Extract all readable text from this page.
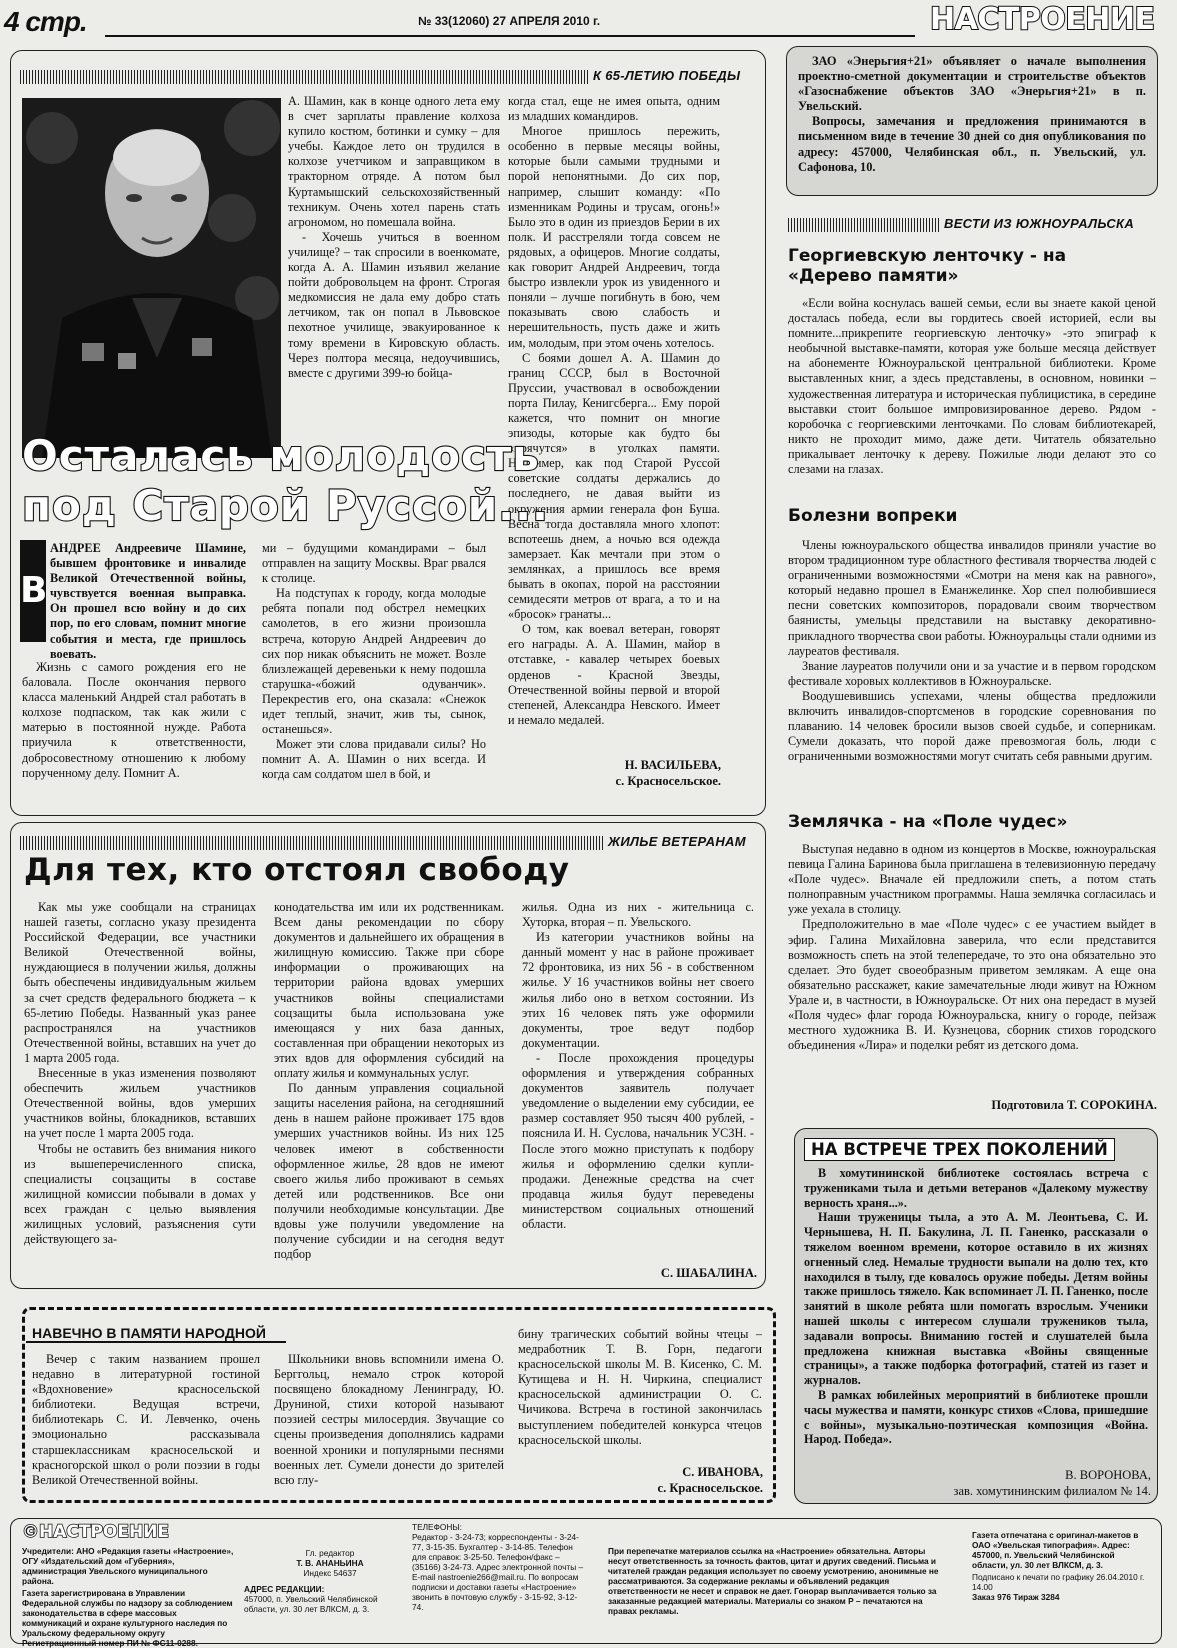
4 стр.	№ 33(12060) 27 АПРЕЛЯ 2010 г.	НАСТРОЕНИЕ
К 65-ЛЕТИЮ ПОБЕДЫ

А. Шамин, как в конце одного лета ему в счет зарплаты правление колхоза купило костюм, ботинки и сумку – для учебы. Каждое лето он трудился в колхозе учетчиком и заправщиком в тракторном отряде. А потом был Куртамышский сельскохозяйственный техникум. Очень хотел парень стать агрономом, но помешала война.

- Хочешь учиться в военном училище? – так спросили в военкомате, когда А. А. Шамин изъявил желание пойти добровольцем на фронт. Строгая медкомиссия не дала ему добро стать летчиком, так он попал в Львовское пехотное училище, эвакуированное к тому времени в Кировскую область. Через полтора месяца, недоучившись, вместе с другими 399-ю бойца-

когда стал, еще не имея опыта, одним из младших командиров.

Многое пришлось пережить, особенно в первые месяцы войны, которые были самыми трудными и порой непонятными. До сих пор, например, слышит команду: «По изменникам Родины и трусам, огонь!» Было это в один из приездов Берии в их полк. И расстреляли тогда совсем не рядовых, а офицеров. Многие солдаты, как говорит Андрей Андреевич, тогда быстро извлекли урок из увиденного и поняли – лучше погибнуть в бою, чем показывать свою слабость и нерешительность, пусть даже и жить им, молодым, при этом очень хотелось.

С боями дошел А. А. Шамин до границ СССР, был в Восточной Пруссии, участвовал в освобождении порта Пилау, Кенигсберга... Ему порой кажется, что помнит он многие эпизоды, которые как будто бы «прячутся» в уголках памяти. Например, как под Старой Руссой советские солдаты держались до последнего, не давая выйти из окружения армии генерала фон Буша. Весна тогда доставляла много хлопот: вспотеешь днем, а ночью вся одежда замерзает. Как мечтали при этом о землянках, а пришлось все время бывать в окопах, порой на расстоянии семидесяти метров от врага, а то и на «бросок» гранаты...

О том, как воевал ветеран, говорят его награды. А. А. Шамин, майор в отставке, - кавалер четырех боевых орденов - Красной Звезды, Отечественной войны первой и второй степеней, Александра Невского. Имеет и немало медалей.

Осталась молодость
под Старой Руссой...
В

АНДРЕЕ Андреевиче Шамине, бывшем фронтовике и инвалиде Великой Отечественной войны, чувствуется военная выправка. Он прошел всю войну и до сих пор, по его словам, помнит многие события и места, где пришлось воевать.

Жизнь с самого рождения его не баловала. После окончания первого класса маленький Андрей стал работать в колхозе подпаском, так как жили с матерью в постоянной нужде. Работа приучила к ответственности, добросовестному отношению к любому порученному делу. Помнит А.

ми – будущими командирами – был отправлен на защиту Москвы. Враг рвался к столице.

На подступах к городу, когда молодые ребята попали под обстрел немецких самолетов, в его жизни произошла встреча, которую Андрей Андреевич до сих пор никак объяснить не может. Возле близлежащей деревеньки к нему подошла старушка-«божий одуванчик». Перекрестив его, она сказала: «Снежок идет теплый, значит, жив ты, сынок, останешься».

Может эти слова придавали силы? Но помнит А. А. Шамин о них всегда. И когда сам солдатом шел в бой, и

Н. ВАСИЛЬЕВА,
с. Красносельское.
ЖИЛЬЕ ВЕТЕРАНАМ
Для тех, кто отстоял свободу

Как мы уже сообщали на страницах нашей газеты, согласно указу президента Российской Федерации, все участники Великой Отечественной войны, нуждающиеся в получении жилья, должны быть обеспечены индивидуальным жильем за счет средств федерального бюджета – к 65-летию Победы. Названный указ ранее распространялся на участников Отечественной войны, вставших на учет до 1 марта 2005 года.

Внесенные в указ изменения позволяют обеспечить жильем участников Отечественной войны, вдов умерших участников войны, блокадников, вставших на учет после 1 марта 2005 года.

Чтобы не оставить без внимания никого из вышеперечисленного списка, специалисты соцзащиты в составе жилищной комиссии побывали в домах у всех граждан с целью выявления жилищных условий, разъяснения сути действующего за-

конодательства им или их родственникам. Всем даны рекомендации по сбору документов и дальнейшего их обращения в жилищную комиссию. Также при сборе информации о проживающих на территории района вдовах умерших участников войны специалистами соцзащиты была использована уже имеющаяся у них база данных, составленная при обращении некоторых из этих вдов для оформления субсидий на оплату жилья и коммунальных услуг.

По данным управления социальной защиты населения района, на сегодняшний день в нашем районе проживает 175 вдов умерших участников войны. Из них 125 человек имеют в собственности оформленное жилье, 28 вдов не имеют своего жилья либо проживают в семьях детей или родственников. Все они получили необходимые консультации. Две вдовы уже получили уведомление на получение субсидии и на сегодня ведут подбор

жилья. Одна из них - жительница с. Хуторка, вторая – п. Увельского.

Из категории участников войны на данный момент у нас в районе проживает 72 фронтовика, из них 56 - в собственном жилье. У 16 участников войны нет своего жилья либо оно в ветхом состоянии. Из этих 16 человек пять уже оформили документы, трое ведут подбор документации.

- После прохождения процедуры оформления и утверждения собранных документов заявитель получает уведомление о выделении ему субсидии, ее размер составляет 950 тысяч 400 рублей, - пояснила И. Н. Суслова, начальник УСЗН. - После этого можно приступать к подбору жилья и оформлению сделки купли-продажи. Денежные средства на счет продавца жилья будут переведены министерством социальных отношений области.

С. ШАБАЛИНА.
НАВЕЧНО В ПАМЯТИ НАРОДНОЙ

Вечер с таким названием прошел недавно в литературной гостиной «Вдохновение» красносельской библиотеки. Ведущая встречи, библиотекарь С. И. Левченко, очень эмоционально рассказывала старшеклассникам красносельской и красногорской школ о роли поэзии в годы Великой Отечественной войны.

Школьники вновь вспомнили имена О. Берггольц, немало строк которой посвящено блокадному Ленинграду, Ю. Друниной, стихи которой называют поэзией сестры милосердия. Звучащие со сцены произведения дополнялись кадрами военной хроники и популярными песнями военных лет. Сумели донести до зрителей всю глу-

бину трагических событий войны чтецы – медработник Т. В. Горн, педагоги красносельской школы М. В. Кисенко, С. М. Кутищева и Н. Н. Чиркина, специалист красносельской администрации О. С. Чичикова. Встреча в гостиной закончилась выступлением победителей конкурса чтецов красносельской школы.

С. ИВАНОВА,
с. Красносельское.

ЗАО «Энерьгия+21» объявляет о начале выполнения проектно-сметной документации и строительстве объектов «Газоснабжение объектов ЗАО «Энерьгия+21» в п. Увельский.

Вопросы, замечания и предложения принимаются в письменном виде в течение 30 дней со дня опубликования по адресу: 457000, Челябинская обл., п. Увельский, ул. Сафонова, 10.

ВЕСТИ ИЗ ЮЖНОУРАЛЬСКА
Георгиевскую ленточку - на «Дерево памяти»

«Если война коснулась вашей семьи, если вы знаете какой ценой досталась победа, если вы гордитесь своей историей, если вы помните...прикрепите георгиевскую ленточку» -это эпиграф к необычной выставке-памяти, которая уже больше месяца действует на абонементе Южноуральской центральной библиотеки. Кроме выставленных книг, а здесь представлены, в основном, новинки – художественная литература и историческая публицистика, в середине выставки стоит большое импровизированное дерево. Рядом - коробочка с георгиевскими ленточками. По словам библиотекарей, никто не проходит мимо, даже дети. Читатель обязательно прикалывает ленточку к дереву. Пожилые люди делают это со слезами на глазах.

Болезни вопреки

Члены южноуральского общества инвалидов приняли участие во втором традиционном туре областного фестиваля творчества людей с ограниченными возможностями «Смотри на меня как на равного», который недавно прошел в Еманжелинке. Хор спел полюбившиеся песни советских композиторов, порадовали своим творчеством баянисты, умельцы представили на выставку декоративно-прикладного творчества свои работы. Южноуральцы стали одними из лауреатов фестиваля.

Звание лауреатов получили они и за участие и в первом городском фестивале хоровых коллективов в Южноуральске.

Воодушевившись успехами, члены общества предложили включить инвалидов-спортсменов в городские соревнования по плаванию. 14 человек бросили вызов своей судьбе, и соперникам. Сумели доказать, что порой даже превозмогая боль, люди с ограниченными возможностями могут считать себя равными другим.

Землячка - на «Поле чудес»

Выступая недавно в одном из концертов в Москве, южноуральская певица Галина Баринова была приглашена в телевизионную передачу «Поле чудес». Вначале ей предложили спеть, а потом стать полноправным участником программы. Наша землячка согласилась и уже уехала в столицу.

Предположительно в мае «Поле чудес» с ее участием выйдет в эфир. Галина Михайловна заверила, что если представится возможность спеть на этой телепередаче, то это она обязательно это сделает. Это будет своеобразным приветом землякам. А еще она обязательно расскажет, какие замечательные люди живут на Южном Урале и, в частности, в Южноуральске. От них она передаст в музей «Поля чудес» флаг города Южноуральска, книгу о городе, пейзаж местного художника В. И. Кузнецова, сборник стихов городского объединения «Лира» и поделки ребят из детского дома.

Подготовила Т. СОРОКИНА.
НА ВСТРЕЧЕ ТРЕХ ПОКОЛЕНИЙ

В хомутининской библиотеке состоялась встреча с тружениками тыла и детьми ветеранов «Далекому мужеству верность храня...».

Наши труженицы тыла, а это А. М. Леонтьева, С. И. Чернышева, Н. П. Бакулина, Л. П. Ганенко, рассказали о тяжелом военном времени, которое оставило в их жизнях огненный след. Немалые трудности выпали на долю тех, кто находился в тылу, где ковалось оружие победы. Детям войны также пришлось тяжело. Как вспоминает Л. П. Ганенко, после занятий в школе ребята шли помогать взрослым. Ученики нашей школы с интересом слушали тружеников тыла, задавали вопросы. Вниманию гостей и слушателей была предложена книжная выставка «Войны священные страницы», а также подборка фотографий, статей из газет и журналов.

В рамках юбилейных мероприятий в библиотеке прошли часы мужества и памяти, конкурс стихов «Слова, пришедшие с войны», музыкально-поэтическая композиция «Война. Народ. Победа».

В. ВОРОНОВА,
зав. хомутининским филиалом № 14.
©НАСТРОЕНИЕ
Учредители: АНО «Редакция газеты «Настроение», ОГУ «Издательский дом «Губерния», администрация Увельского муниципального района.
Газета зарегистрирована в Управлении Федеральной службы по надзору за соблюдением законодательства в сфере массовых коммуникаций и охране культурного наследия по Уральскому федеральному округу
Регистрационный номер ПИ № ФС11-0288.
Гл. редактор
Т. В. АНАНЬИНА
Индекс 54637
АДРЕС РЕДАКЦИИ:
457000, п. Увельский Челябинской области, ул. 30 лет ВЛКСМ, д. 3.
ТЕЛЕФОНЫ:
Редактор - 3-24-73; корреспонденты - 3-24-77, 3-15-35. Бухгалтер - 3-14-85. Телефон для справок: 3-25-50. Телефон/факс – (35166) 3-24-73. Адрес электронной почты – E-mail nastroenie266@mail.ru. По вопросам подписки и доставки газеты «Настроение» звонить в почтовую службу - 3-15-92, 3-12-74.
При перепечатке материалов ссылка на «Настроение» обязательна. Авторы несут ответственность за точность фактов, цитат и других сведений. Письма и читателей граждан редакция использует по своему усмотрению, анонимные не рассматриваются. За содержание рекламы и объявлений редакция ответственности не несет и справок не дает. Гонорар выплачивается только за заказанные редакцией материалы. Материалы со знаком Р – печатаются на правах рекламы.
Газета отпечатана с оригинал-макетов в ОАО «Увельская типография». Адрес: 457000, п. Увельский Челябинской области, ул. 30 лет ВЛКСМ, д. 3.
Подписано к печати по графику 26.04.2010 г. 14.00
Заказ 976 Тираж 3284
